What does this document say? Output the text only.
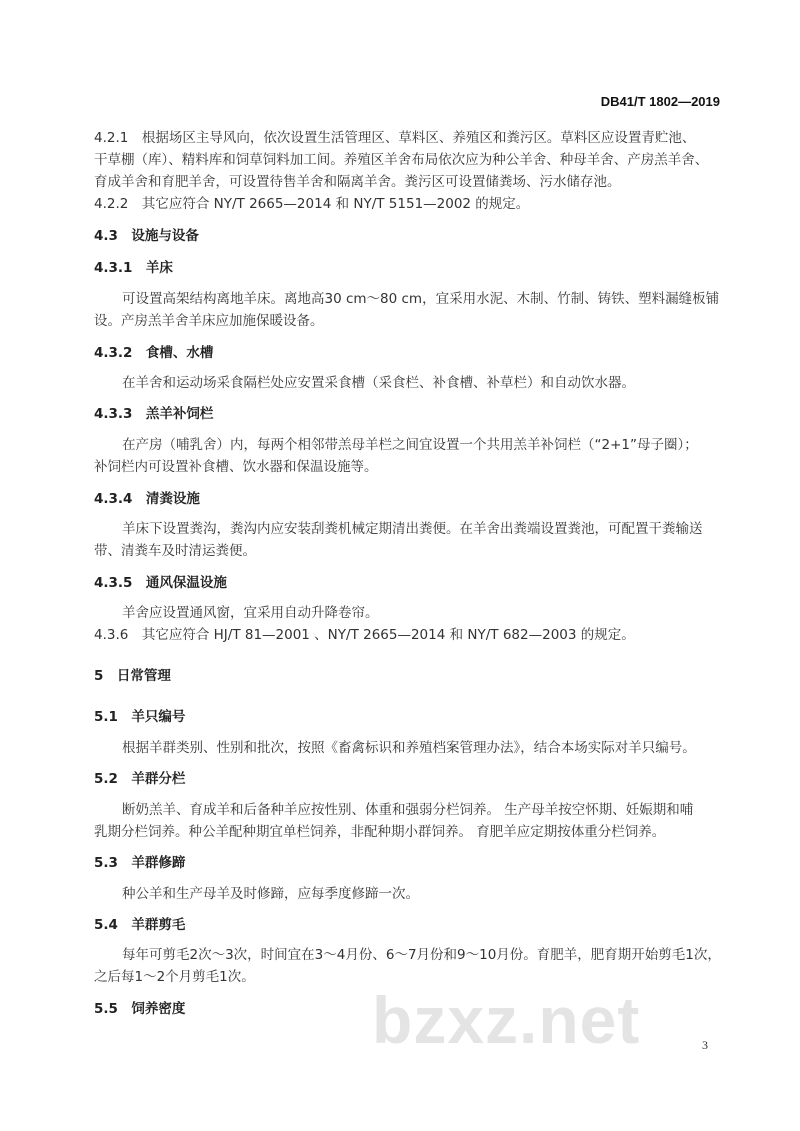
DB41/T 1802—2019
4.2.1　根据场区主导风向，依次设置生活管理区、草料区、养殖区和粪污区。草料区应设置青贮池、
干草棚（库）、精料库和饲草饲料加工间。养殖区羊舍布局依次应为种公羊舍、种母羊舍、产房羔羊舍、
育成羊舍和育肥羊舍，可设置待售羊舍和隔离羊舍。粪污区可设置储粪场、污水储存池。
4.2.2　其它应符合 NY/T 2665—2014 和 NY/T 5151—2002 的规定。
4.3　设施与设备
4.3.1　羊床
可设置高架结构离地羊床。离地高30 cm～80 cm，宜采用水泥、木制、竹制、铸铁、塑料漏缝板铺
设。产房羔羊舍羊床应加施保暖设备。
4.3.2　食槽、水槽
在羊舍和运动场采食隔栏处应安置采食槽（采食栏、补食槽、补草栏）和自动饮水器。
4.3.3　羔羊补饲栏
在产房（哺乳舍）内，每两个相邻带羔母羊栏之间宜设置一个共用羔羊补饲栏（“2+1”母子圈）；
补饲栏内可设置补食槽、饮水器和保温设施等。
4.3.4　清粪设施
羊床下设置粪沟，粪沟内应安装刮粪机械定期清出粪便。在羊舍出粪端设置粪池，可配置干粪输送
带、清粪车及时清运粪便。
4.3.5　通风保温设施
羊舍应设置通风窗，宜采用自动升降卷帘。
4.3.6　其它应符合 HJ/T 81—2001 、NY/T 2665—2014 和 NY/T 682—2003 的规定。
5　日常管理
5.1　羊只编号
根据羊群类别、性别和批次，按照《畜禽标识和养殖档案管理办法》，结合本场实际对羊只编号。
5.2　羊群分栏
断奶羔羊、育成羊和后备种羊应按性别、体重和强弱分栏饲养。 生产母羊按空怀期、妊娠期和哺
乳期分栏饲养。种公羊配种期宜单栏饲养，非配种期小群饲养。 育肥羊应定期按体重分栏饲养。
5.3　羊群修蹄
种公羊和生产母羊及时修蹄，应每季度修蹄一次。
5.4　羊群剪毛
每年可剪毛2次～3次，时间宜在3～4月份、6～7月份和9～10月份。育肥羊，肥育期开始剪毛1次，
之后每1～2个月剪毛1次。
5.5　饲养密度	bzxz.net	3
